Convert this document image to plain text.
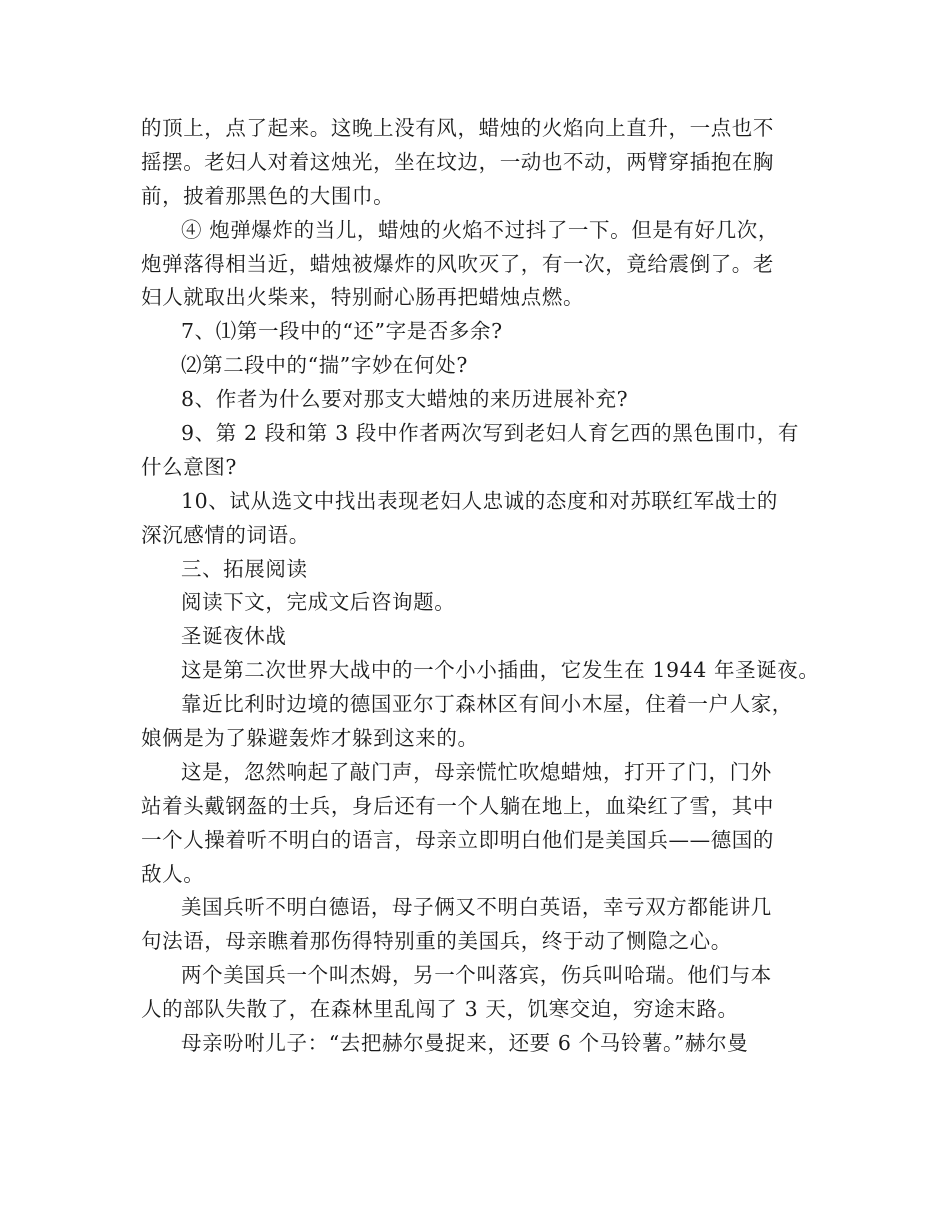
的顶上，点了起来。这晚上没有风，蜡烛的火焰向上直升，一点也不
摇摆。老妇人对着这烛光，坐在坟边，一动也不动，两臂穿插抱在胸
前，披着那黑色的大围巾。
④ 炮弹爆炸的当儿，蜡烛的火焰不过抖了一下。但是有好几次，
炮弹落得相当近，蜡烛被爆炸的风吹灭了，有一次，竟给震倒了。老
妇人就取出火柴来，特别耐心肠再把蜡烛点燃。
7、⑴第一段中的“还”字是否多余?
⑵第二段中的“揣”字妙在何处?
8、作者为什么要对那支大蜡烛的来历进展补充?
9、第 2 段和第 3 段中作者两次写到老妇人育乞西的黑色围巾，有
什么意图?
10、试从选文中找出表现老妇人忠诚的态度和对苏联红军战士的
深沉感情的词语。
三、拓展阅读
阅读下文，完成文后咨询题。
圣诞夜休战
这是第二次世界大战中的一个小小插曲，它发生在 1944 年圣诞夜。
靠近比利时边境的德国亚尔丁森林区有间小木屋，住着一户人家，
娘俩是为了躲避轰炸才躲到这来的。
这是，忽然响起了敲门声，母亲慌忙吹熄蜡烛，打开了门，门外
站着头戴钢盔的士兵，身后还有一个人躺在地上，血染红了雪，其中
一个人操着听不明白的语言，母亲立即明白他们是美国兵——德国的
敌人。
美国兵听不明白德语，母子俩又不明白英语，幸亏双方都能讲几
句法语，母亲瞧着那伤得特别重的美国兵，终于动了恻隐之心。
两个美国兵一个叫杰姆，另一个叫落宾，伤兵叫哈瑞。他们与本
人的部队失散了，在森林里乱闯了 3 天，饥寒交迫，穷途末路。
母亲吩咐儿子：“去把赫尔曼捉来，还要 6 个马铃薯。”赫尔曼
